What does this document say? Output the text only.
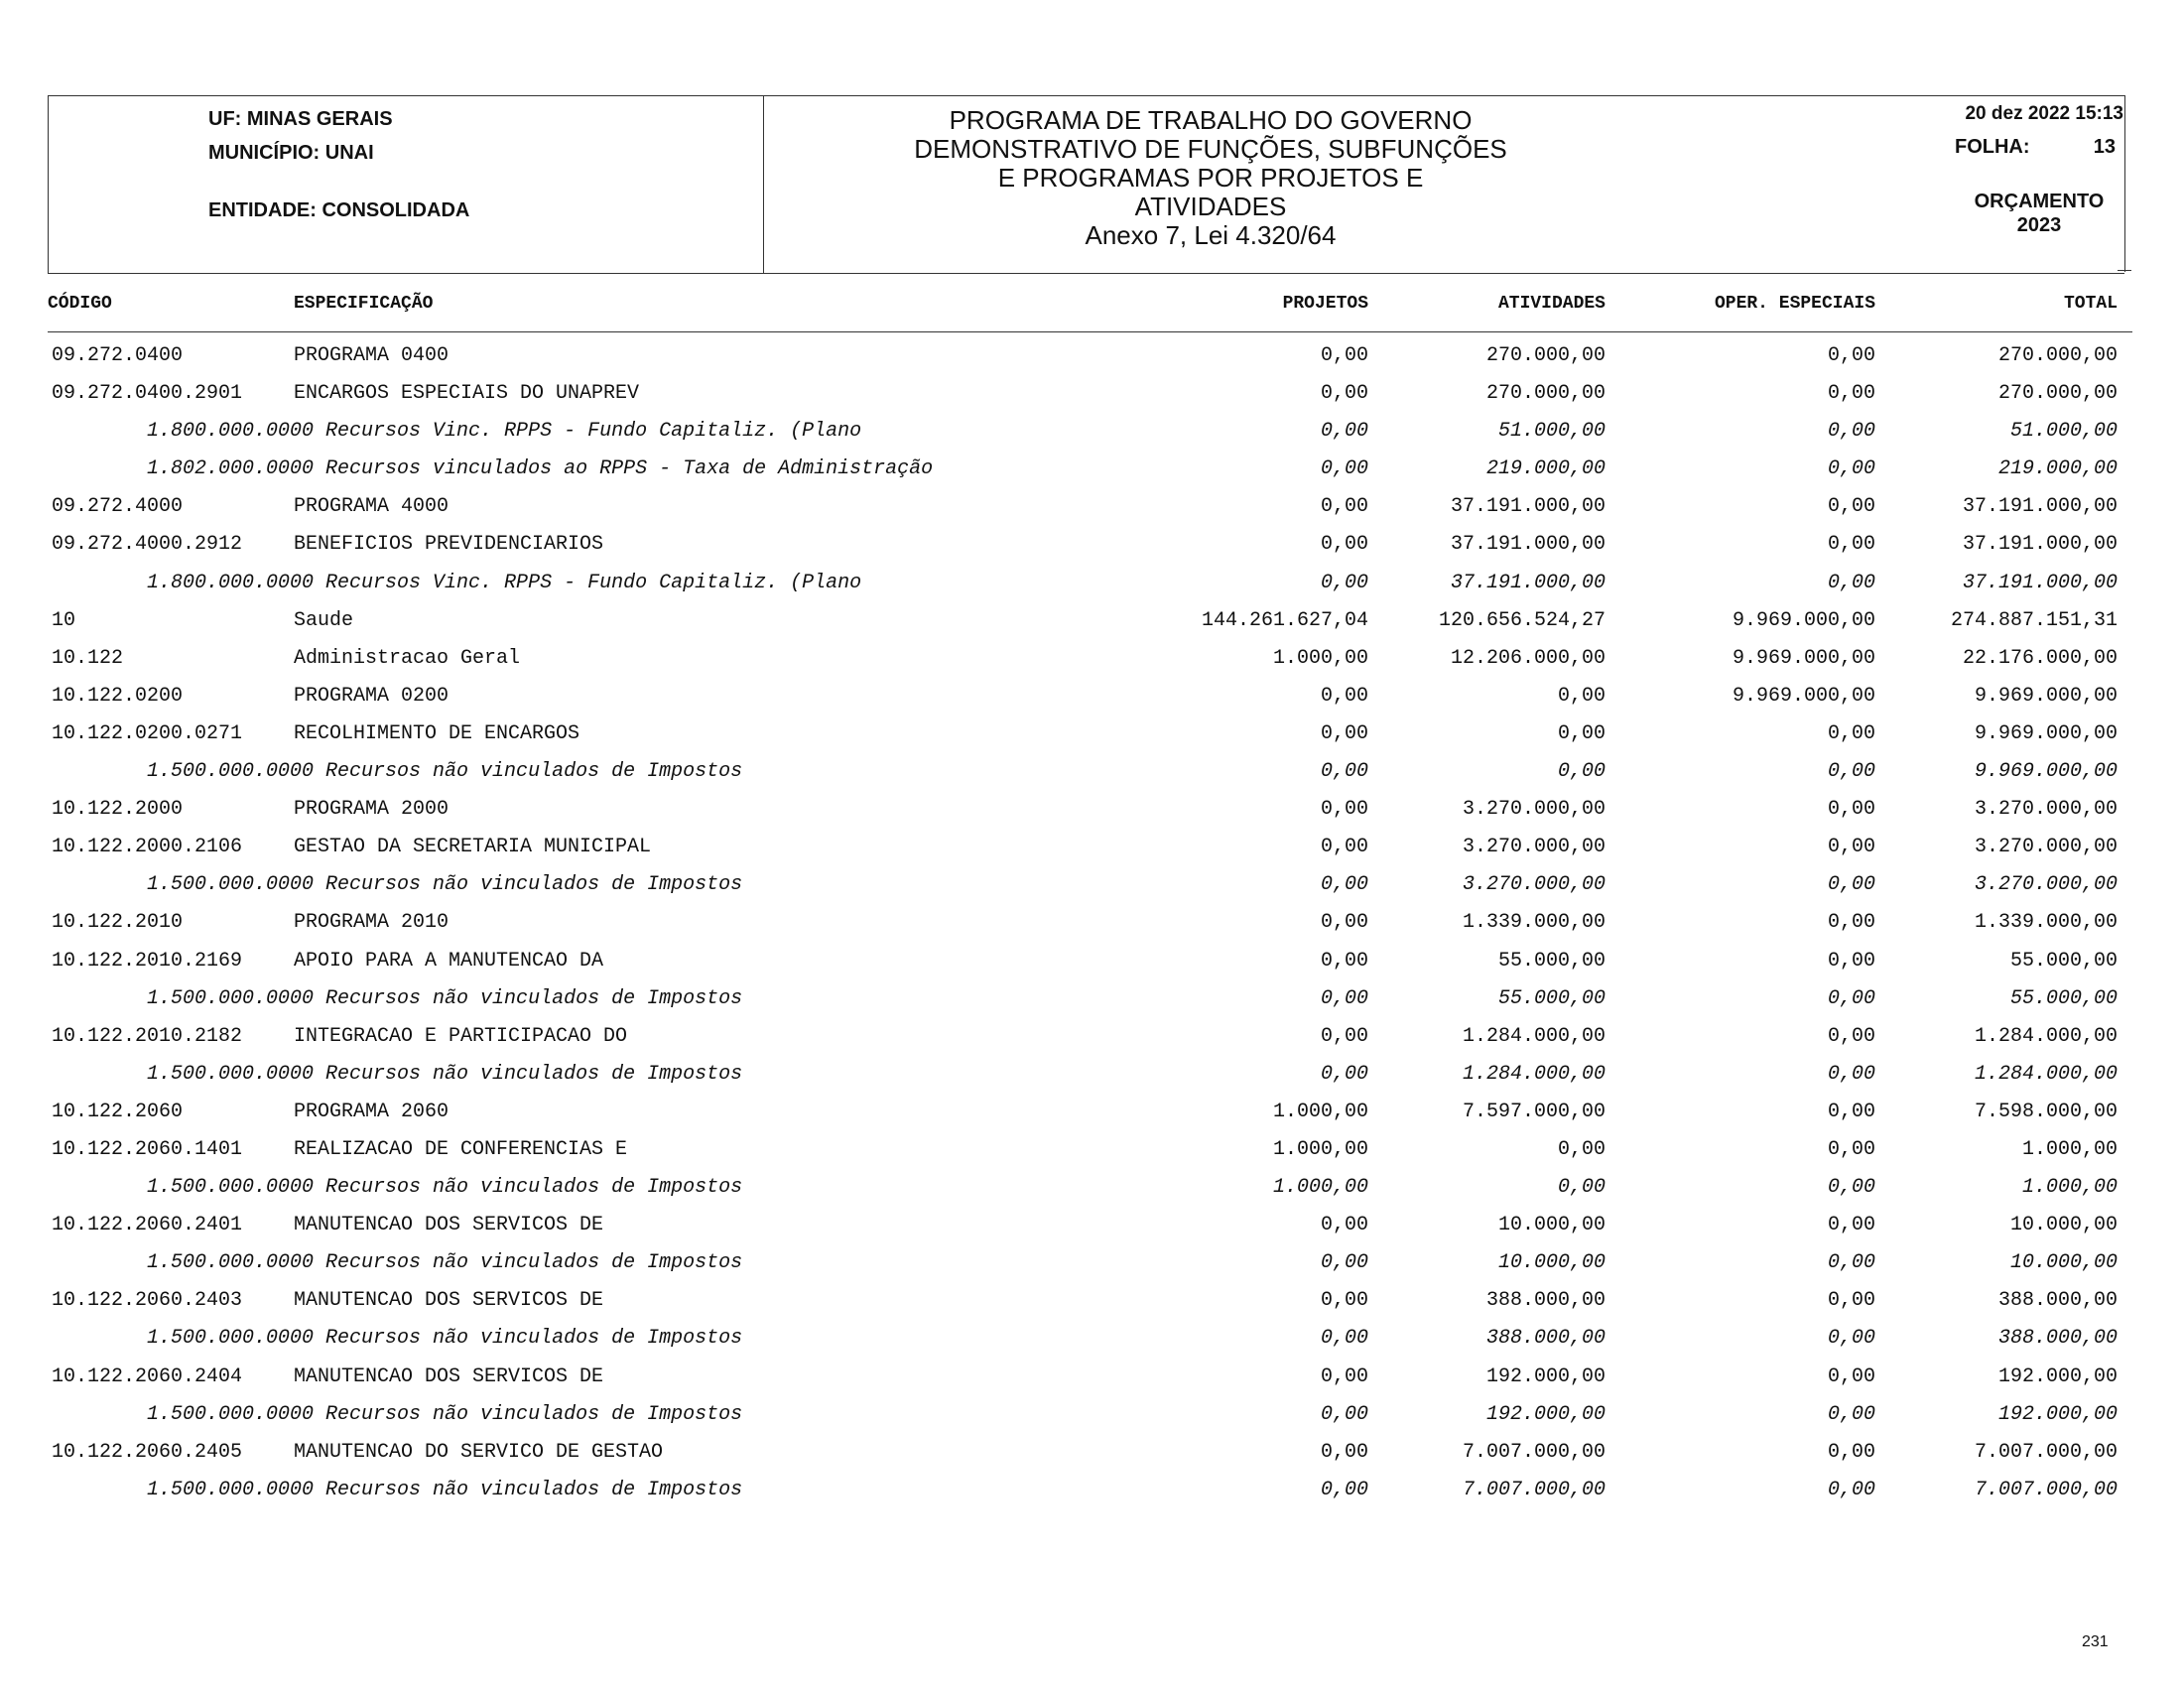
UF: MINAS GERAIS
MUNICÍPIO: UNAI
ENTIDADE: CONSOLIDADA
PROGRAMA DE TRABALHO DO GOVERNO
DEMONSTRATIVO DE FUNÇÕES, SUBFUNÇÕES
E PROGRAMAS POR PROJETOS E
ATIVIDADES
Anexo 7, Lei 4.320/64
20 dez 2022 15:13
FOLHA:	13
ORÇAMENTO
2023
CÓDIGO	ESPECIFICAÇÃO	PROJETOS	ATIVIDADES	OPER. ESPECIAIS	TOTAL
09.272.0400	PROGRAMA 0400	0,00	270.000,00	0,00	270.000,00
09.272.0400.2901	ENCARGOS ESPECIAIS DO UNAPREV	0,00	270.000,00	0,00	270.000,00
1.800.000.0000 Recursos Vinc. RPPS - Fundo Capitaliz. (Plano	0,00	51.000,00	0,00	51.000,00
1.802.000.0000 Recursos vinculados ao RPPS - Taxa de Administração	0,00	219.000,00	0,00	219.000,00
09.272.4000	PROGRAMA 4000	0,00	37.191.000,00	0,00	37.191.000,00
09.272.4000.2912	BENEFICIOS PREVIDENCIARIOS	0,00	37.191.000,00	0,00	37.191.000,00
1.800.000.0000 Recursos Vinc. RPPS - Fundo Capitaliz. (Plano	0,00	37.191.000,00	0,00	37.191.000,00
10	Saude	144.261.627,04	120.656.524,27	9.969.000,00	274.887.151,31
10.122	Administracao Geral	1.000,00	12.206.000,00	9.969.000,00	22.176.000,00
10.122.0200	PROGRAMA 0200	0,00	0,00	9.969.000,00	9.969.000,00
10.122.0200.0271	RECOLHIMENTO DE ENCARGOS	0,00	0,00	0,00	9.969.000,00
1.500.000.0000 Recursos não vinculados de Impostos	0,00	0,00	0,00	9.969.000,00
10.122.2000	PROGRAMA 2000	0,00	3.270.000,00	0,00	3.270.000,00
10.122.2000.2106	GESTAO DA SECRETARIA MUNICIPAL	0,00	3.270.000,00	0,00	3.270.000,00
1.500.000.0000 Recursos não vinculados de Impostos	0,00	3.270.000,00	0,00	3.270.000,00
10.122.2010	PROGRAMA 2010	0,00	1.339.000,00	0,00	1.339.000,00
10.122.2010.2169	APOIO PARA A MANUTENCAO DA	0,00	55.000,00	0,00	55.000,00
1.500.000.0000 Recursos não vinculados de Impostos	0,00	55.000,00	0,00	55.000,00
10.122.2010.2182	INTEGRACAO E PARTICIPACAO DO	0,00	1.284.000,00	0,00	1.284.000,00
1.500.000.0000 Recursos não vinculados de Impostos	0,00	1.284.000,00	0,00	1.284.000,00
10.122.2060	PROGRAMA 2060	1.000,00	7.597.000,00	0,00	7.598.000,00
10.122.2060.1401	REALIZACAO DE CONFERENCIAS E	1.000,00	0,00	0,00	1.000,00
1.500.000.0000 Recursos não vinculados de Impostos	1.000,00	0,00	0,00	1.000,00
10.122.2060.2401	MANUTENCAO DOS SERVICOS DE	0,00	10.000,00	0,00	10.000,00
1.500.000.0000 Recursos não vinculados de Impostos	0,00	10.000,00	0,00	10.000,00
10.122.2060.2403	MANUTENCAO DOS SERVICOS DE	0,00	388.000,00	0,00	388.000,00
1.500.000.0000 Recursos não vinculados de Impostos	0,00	388.000,00	0,00	388.000,00
10.122.2060.2404	MANUTENCAO DOS SERVICOS DE	0,00	192.000,00	0,00	192.000,00
1.500.000.0000 Recursos não vinculados de Impostos	0,00	192.000,00	0,00	192.000,00
10.122.2060.2405	MANUTENCAO DO SERVICO DE GESTAO	0,00	7.007.000,00	0,00	7.007.000,00
1.500.000.0000 Recursos não vinculados de Impostos	0,00	7.007.000,00	0,00	7.007.000,00
231
